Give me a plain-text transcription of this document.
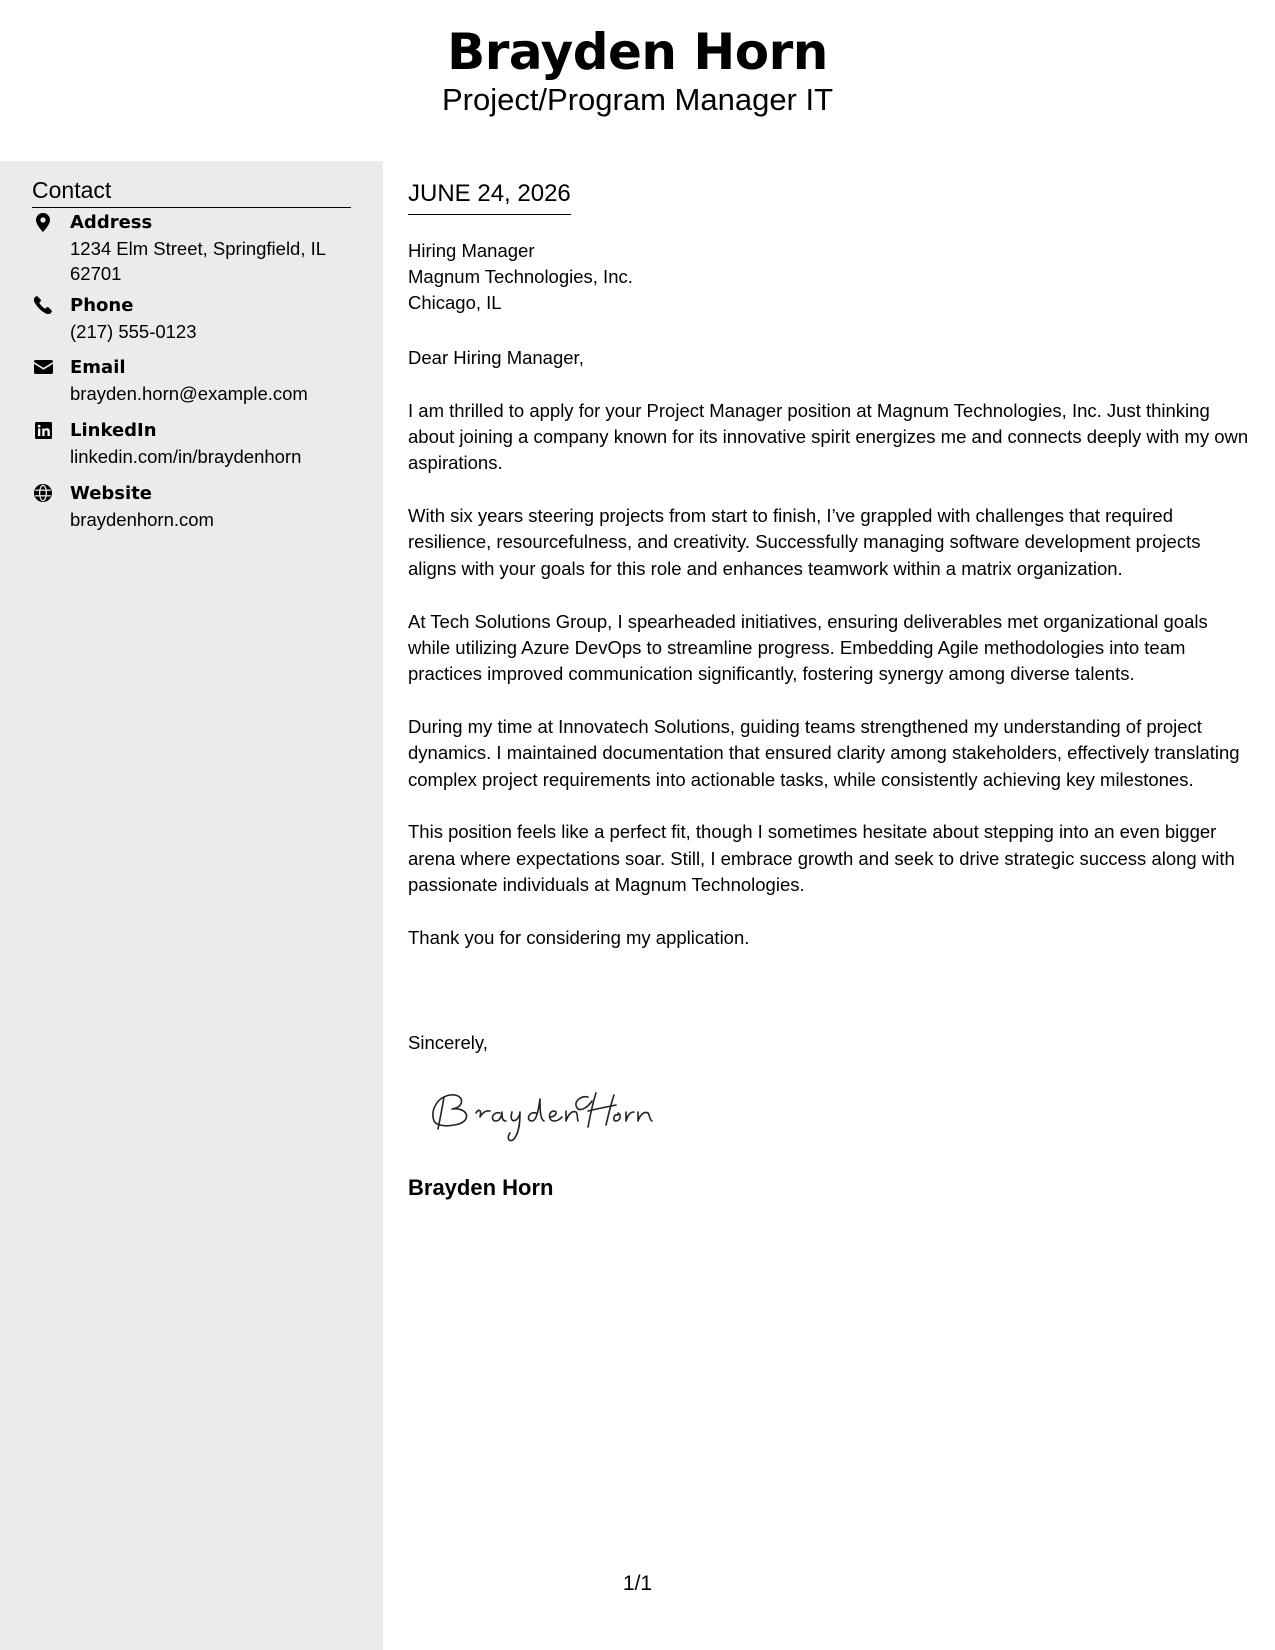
Brayden Horn
Project/Program Manager IT
Contact
Address
1234 Elm Street, Springfield, IL 62701
Phone
(217) 555-0123
Email
brayden.horn@example.com
LinkedIn
linkedin.com/in/braydenhorn
Website
braydenhorn.com
JUNE 24, 2026
Hiring Manager
Magnum Technologies, Inc.
Chicago, IL

Dear Hiring Manager,

I am thrilled to apply for your Project Manager position at Magnum Technologies, Inc. Just thinking about joining a company known for its innovative spirit energizes me and connects deeply with my own aspirations.

With six years steering projects from start to finish, I’ve grappled with challenges that required resilience, resourcefulness, and creativity. Successfully managing software development projects aligns with your goals for this role and enhances teamwork within a matrix organization.

At Tech Solutions Group, I spearheaded initiatives, ensuring deliverables met organizational goals while utilizing Azure DevOps to streamline progress. Embedding Agile methodologies into team practices improved communication significantly, fostering synergy among diverse talents.

During my time at Innovatech Solutions, guiding teams strengthened my understanding of project dynamics. I maintained documentation that ensured clarity among stakeholders, effectively translating complex project requirements into actionable tasks, while consistently achieving key milestones.

This position feels like a perfect fit, though I sometimes hesitate about stepping into an even bigger arena where expectations soar. Still, I embrace growth and seek to drive strategic success along with passionate individuals at Magnum Technologies.

Thank you for considering my application.

Sincerely,
Brayden Horn
1/1
